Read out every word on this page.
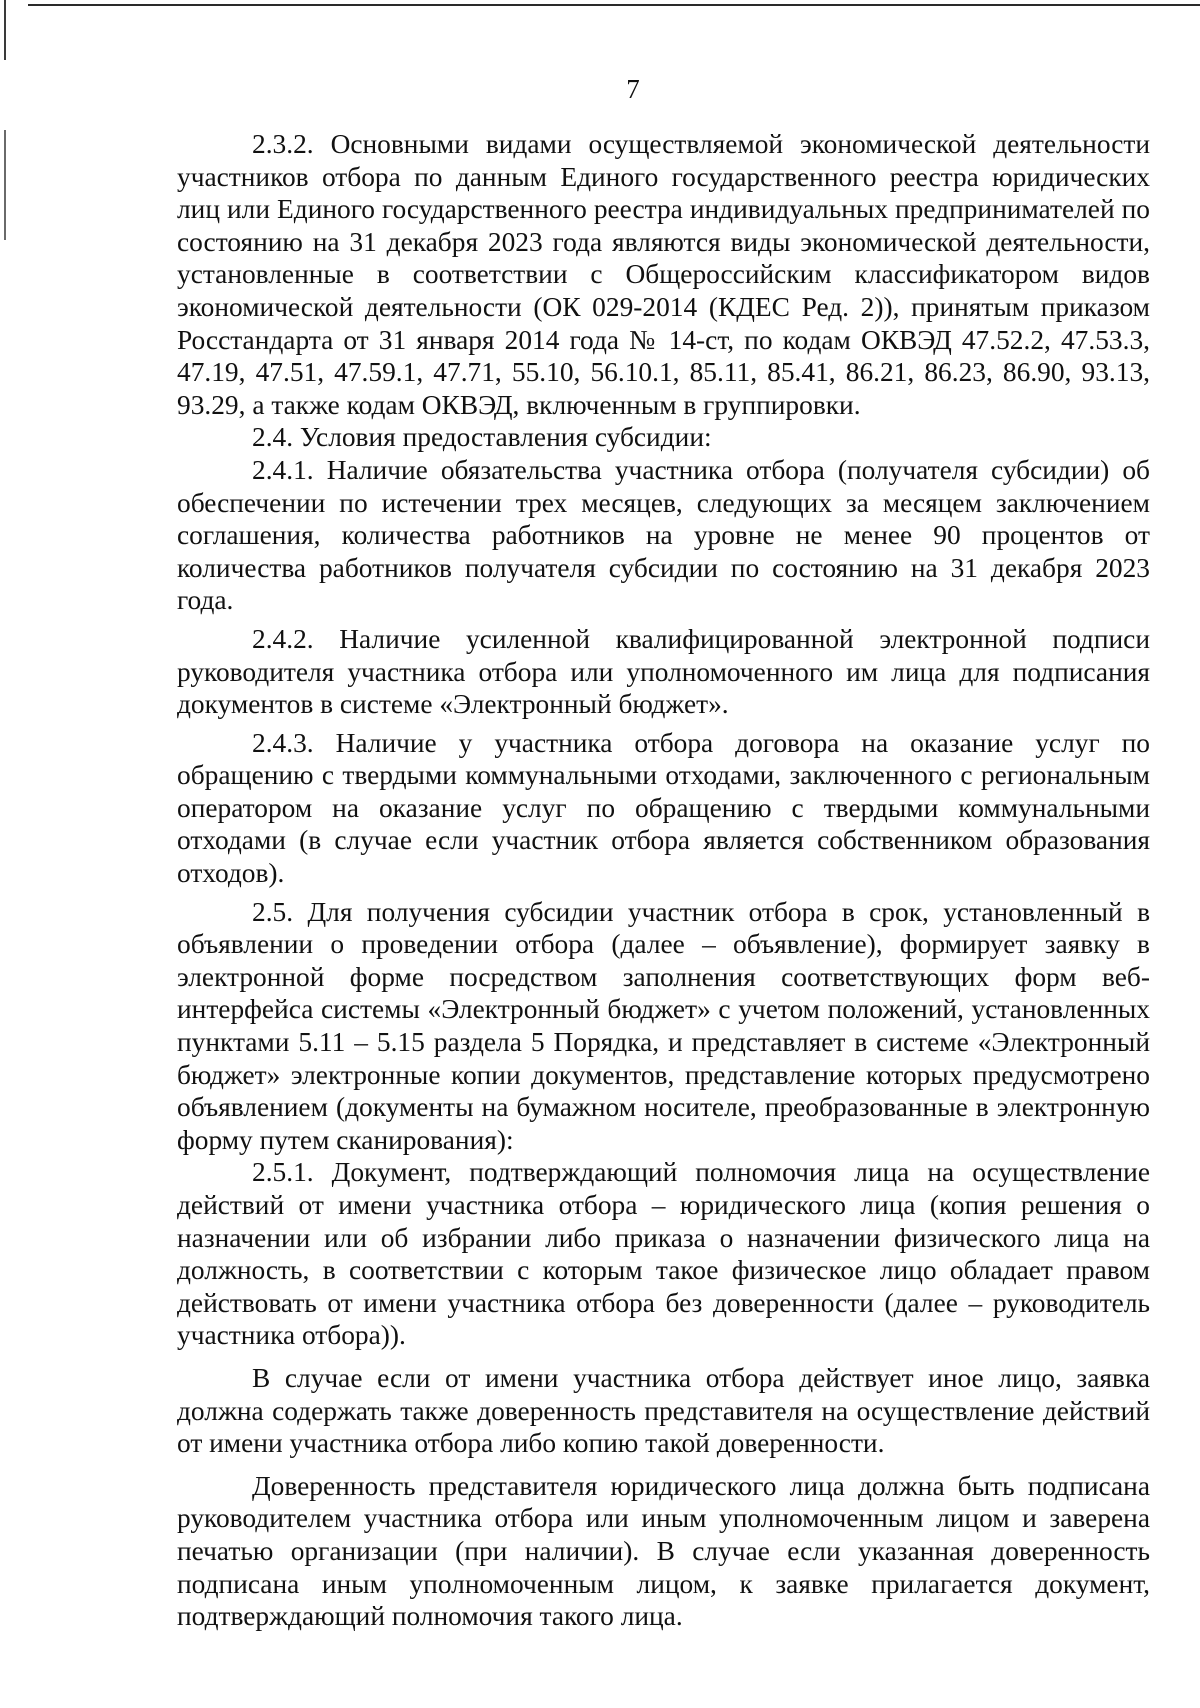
7

2.3.2. Основными видами осуществляемой экономической деятельности участников отбора по данным Единого государственного реестра юридических лиц или Единого государственного реестра индивидуальных предпринимателей по состоянию на 31 декабря 2023 года являются виды экономической деятельности, установленные в соответствии с Общероссийским классификатором видов экономической деятельности (ОК 029-2014 (КДЕС Ред. 2)), принятым приказом Росстандарта от 31 января 2014 года № 14-ст, по кодам ОКВЭД 47.52.2, 47.53.3, 47.19, 47.51, 47.59.1, 47.71, 55.10, 56.10.1, 85.11, 85.41, 86.21, 86.23, 86.90, 93.13, 93.29, а также кодам ОКВЭД, включенным в группировки.

2.4. Условия предоставления субсидии:

2.4.1. Наличие обязательства участника отбора (получателя субсидии) об обеспечении по истечении трех месяцев, следующих за месяцем заключением соглашения, количества работников на уровне не менее 90 процентов от количества работников получателя субсидии по состоянию на 31 декабря 2023 года.

2.4.2. Наличие усиленной квалифицированной электронной подписи руководителя участника отбора или уполномоченного им лица для подписания документов в системе «Электронный бюджет».

2.4.3. Наличие у участника отбора договора на оказание услуг по обращению с твердыми коммунальными отходами, заключенного с региональным оператором на оказание услуг по обращению с твердыми коммунальными отходами (в случае если участник отбора является собственником образования отходов).

2.5. Для получения субсидии участник отбора в срок, установленный в объявлении о проведении отбора (далее – объявление), формирует заявку в электронной форме посредством заполнения соответствующих форм веб-интерфейса системы «Электронный бюджет» с учетом положений, установленных пунктами 5.11 – 5.15 раздела 5 Порядка, и представляет в системе «Электронный бюджет» электронные копии документов, представление которых предусмотрено объявлением (документы на бумажном носителе, преобразованные в электронную форму путем сканирования):

2.5.1. Документ, подтверждающий полномочия лица на осуществление действий от имени участника отбора – юридического лица (копия решения о назначении или об избрании либо приказа о назначении физического лица на должность, в соответствии с которым такое физическое лицо обладает правом действовать от имени участника отбора без доверенности (далее – руководитель участника отбора)).

В случае если от имени участника отбора действует иное лицо, заявка должна содержать также доверенность представителя на осуществление действий от имени участника отбора либо копию такой доверенности.

Доверенность представителя юридического лица должна быть подписана руководителем участника отбора или иным уполномоченным лицом и заверена печатью организации (при наличии). В случае если указанная доверенность подписана иным уполномоченным лицом, к заявке прилагается документ, подтверждающий полномочия такого лица.
